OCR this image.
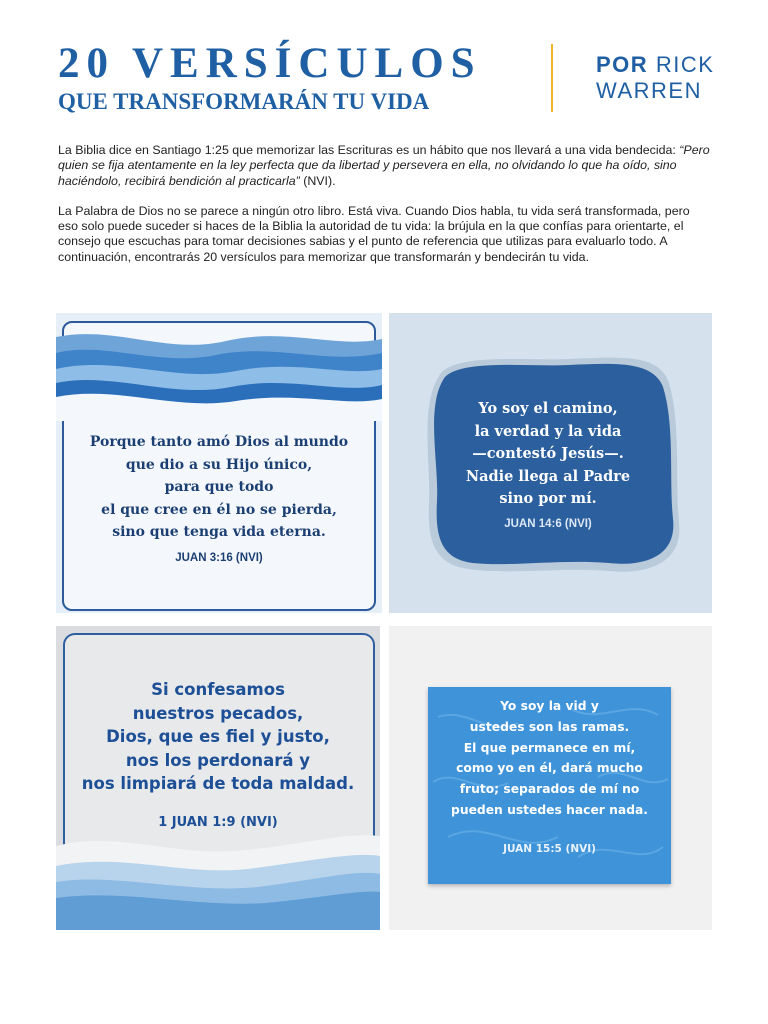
20 VERSÍCULOS
QUE TRANSFORMARÁN TU VIDA
POR RICK
WARREN

La Biblia dice en Santiago 1:25 que memorizar las Escrituras es un hábito que nos llevará a una vida bendecida: “Pero quien se fija atentamente en la ley perfecta que da libertad y persevera en ella, no olvidando lo que ha oído, sino haciéndolo, recibirá bendición al practicarla” (NVI).

La Palabra de Dios no se parece a ningún otro libro. Está viva. Cuando Dios habla, tu vida será transformada, pero eso solo puede suceder si haces de la Biblia la autoridad de tu vida: la brújula en la que confías para orientarte, el consejo que escuchas para tomar decisiones sabias y el punto de referencia que utilizas para evaluarlo todo. A continuación, encontrarás 20 versículos para memorizar que transformarán y bendecirán tu vida.

Porque tanto amó Dios al mundo
que dio a su Hijo único,
para que todo
el que cree en él no se pierda,
sino que tenga vida eterna.
JUAN 3:16 (NVI)
Yo soy el camino,
la verdad y la vida
—contestó Jesús—.
Nadie llega al Padre
sino por mí.
JUAN 14:6 (NVI)
Si confesamos
nuestros pecados,
Dios, que es fiel y justo,
nos los perdonará y
nos limpiará de toda maldad.
1 JUAN 1:9 (NVI)
Yo soy la vid y
ustedes son las ramas.
El que permanece en mí,
como yo en él, dará mucho
fruto; separados de mí no
pueden ustedes hacer nada.
JUAN 15:5 (NVI)
